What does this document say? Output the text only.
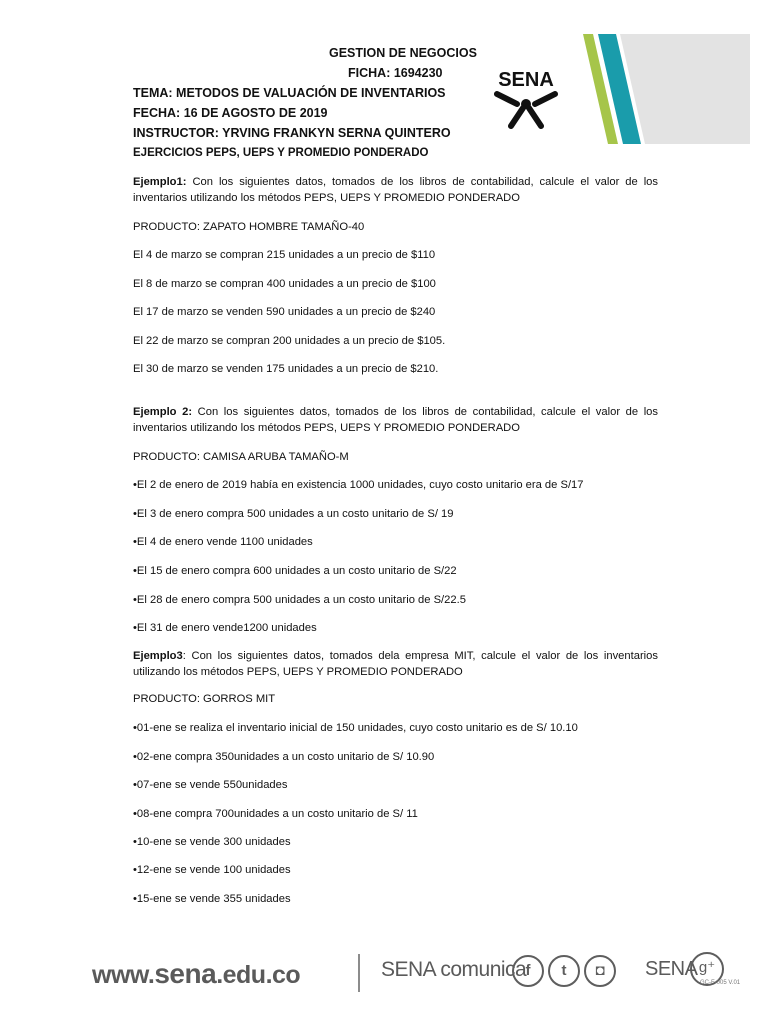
GESTION DE NEGOCIOS
FICHA: 1694230
TEMA: METODOS DE VALUACIÓN DE INVENTARIOS
FECHA: 16 DE AGOSTO DE 2019
INSTRUCTOR: YRVING FRANKYN SERNA QUINTERO
EJERCICIOS PEPS, UEPS Y PROMEDIO PONDERADO
SENA

Ejemplo1: Con los siguientes datos, tomados de los libros de contabilidad, calcule el valor de los inventarios utilizando los métodos PEPS, UEPS Y PROMEDIO PONDERADO

PRODUCTO: ZAPATO HOMBRE TAMAÑO-40

El 4 de marzo se compran 215 unidades a un precio de $110

El 8 de marzo se compran 400 unidades a un precio de $100

El 17 de marzo se venden 590 unidades a un precio de $240

El 22 de marzo se compran 200 unidades a un precio de $105.

El 30 de marzo se venden 175 unidades a un precio de $210.

Ejemplo 2: Con los siguientes datos, tomados de los libros de contabilidad, calcule el valor de los inventarios utilizando los métodos PEPS, UEPS Y PROMEDIO PONDERADO

PRODUCTO: CAMISA ARUBA TAMAÑO-M

•El 2 de enero de 2019 había en existencia 1000 unidades, cuyo costo unitario era de S/17

•El 3 de enero compra 500 unidades a un costo unitario de S/ 19

•El 4 de enero vende 1100 unidades

•El 15 de enero compra 600 unidades a un costo unitario de S/22

•El 28 de enero compra 500 unidades a un costo unitario de S/22.5

•El 31 de enero vende1200 unidades

Ejemplo3: Con los siguientes datos, tomados dela empresa MIT, calcule el valor de los inventarios utilizando los métodos PEPS, UEPS Y PROMEDIO PONDERADO

PRODUCTO: GORROS MIT

•01-ene se realiza el inventario inicial de 150 unidades, cuyo costo unitario es de S/ 10.10

•02-ene compra 350unidades a un costo unitario de S/ 10.90

•07-ene se vende 550unidades

•08-ene compra 700unidades a un costo unitario de S/ 11

•10-ene se vende 300 unidades

•12-ene se vende 100 unidades

•15-ene se vende 355 unidades

www.sena.edu.co	SENA comunica f	t	◘	SENA g⁺
GC-F-005 V.01
